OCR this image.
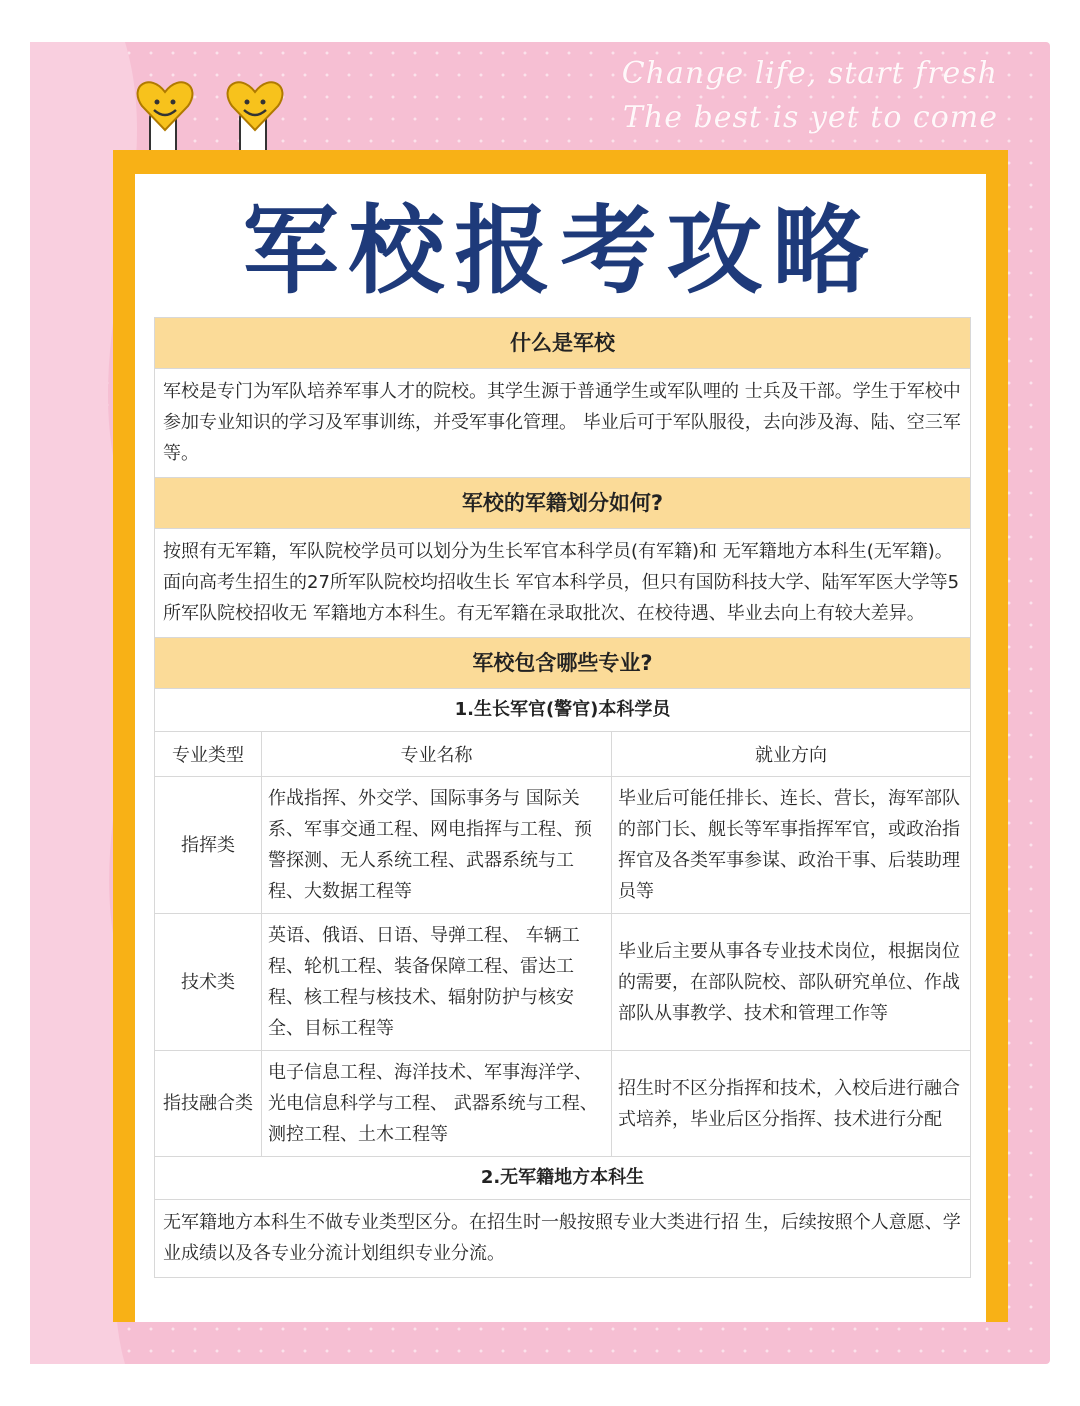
Change life, start fresh

The best is yet to come

军校报考攻略
什么是军校
军校是专门为军队培养军事人才的院校。其学生源于普通学生或军队哩的 士兵及干部。学生于军校中参加专业知识的学习及军事训练，并受军事化管理。 毕业后可于军队服役，去向涉及海、陆、空三军等。
军校的军籍划分如何?
按照有无军籍，军队院校学员可以划分为生长军官本科学员(有军籍)和 无军籍地方本科生(无军籍)。面向高考生招生的27所军队院校均招收生长 军官本科学员，但只有国防科技大学、陆军军医大学等5所军队院校招收无 军籍地方本科生。有无军籍在录取批次、在校待遇、毕业去向上有较大差异。
军校包含哪些专业?
1.生长军官(警官)本科学员
专业类型	专业名称	就业方向
指挥类	作战指挥、外交学、国际事务与 国际关系、军事交通工程、网电指挥与工程、预警探测、无人系统工程、武器系统与工程、大数据工程等	毕业后可能任排长、连长、营长，海军部队的部门长、舰长等军事指挥军官，或政治指挥官及各类军事参谋、政治干事、后装助理员等
技术类	英语、俄语、日语、导弹工程、 车辆工程、轮机工程、装备保障工程、雷达工程、核工程与核技术、辐射防护与核安全、目标工程等	毕业后主要从事各专业技术岗位，根据岗位的需要，在部队院校、部队研究单位、作战部队从事教学、技术和管理工作等
指技融合类	电子信息工程、海洋技术、军事海洋学、光电信息科学与工程、 武器系统与工程、测控工程、土木工程等	招生时不区分指挥和技术，入校后进行融合式培养，毕业后区分指挥、技术进行分配
2.无军籍地方本科生
无军籍地方本科生不做专业类型区分。在招生时一般按照专业大类进行招 生，后续按照个人意愿、学业成绩以及各专业分流计划组织专业分流。
